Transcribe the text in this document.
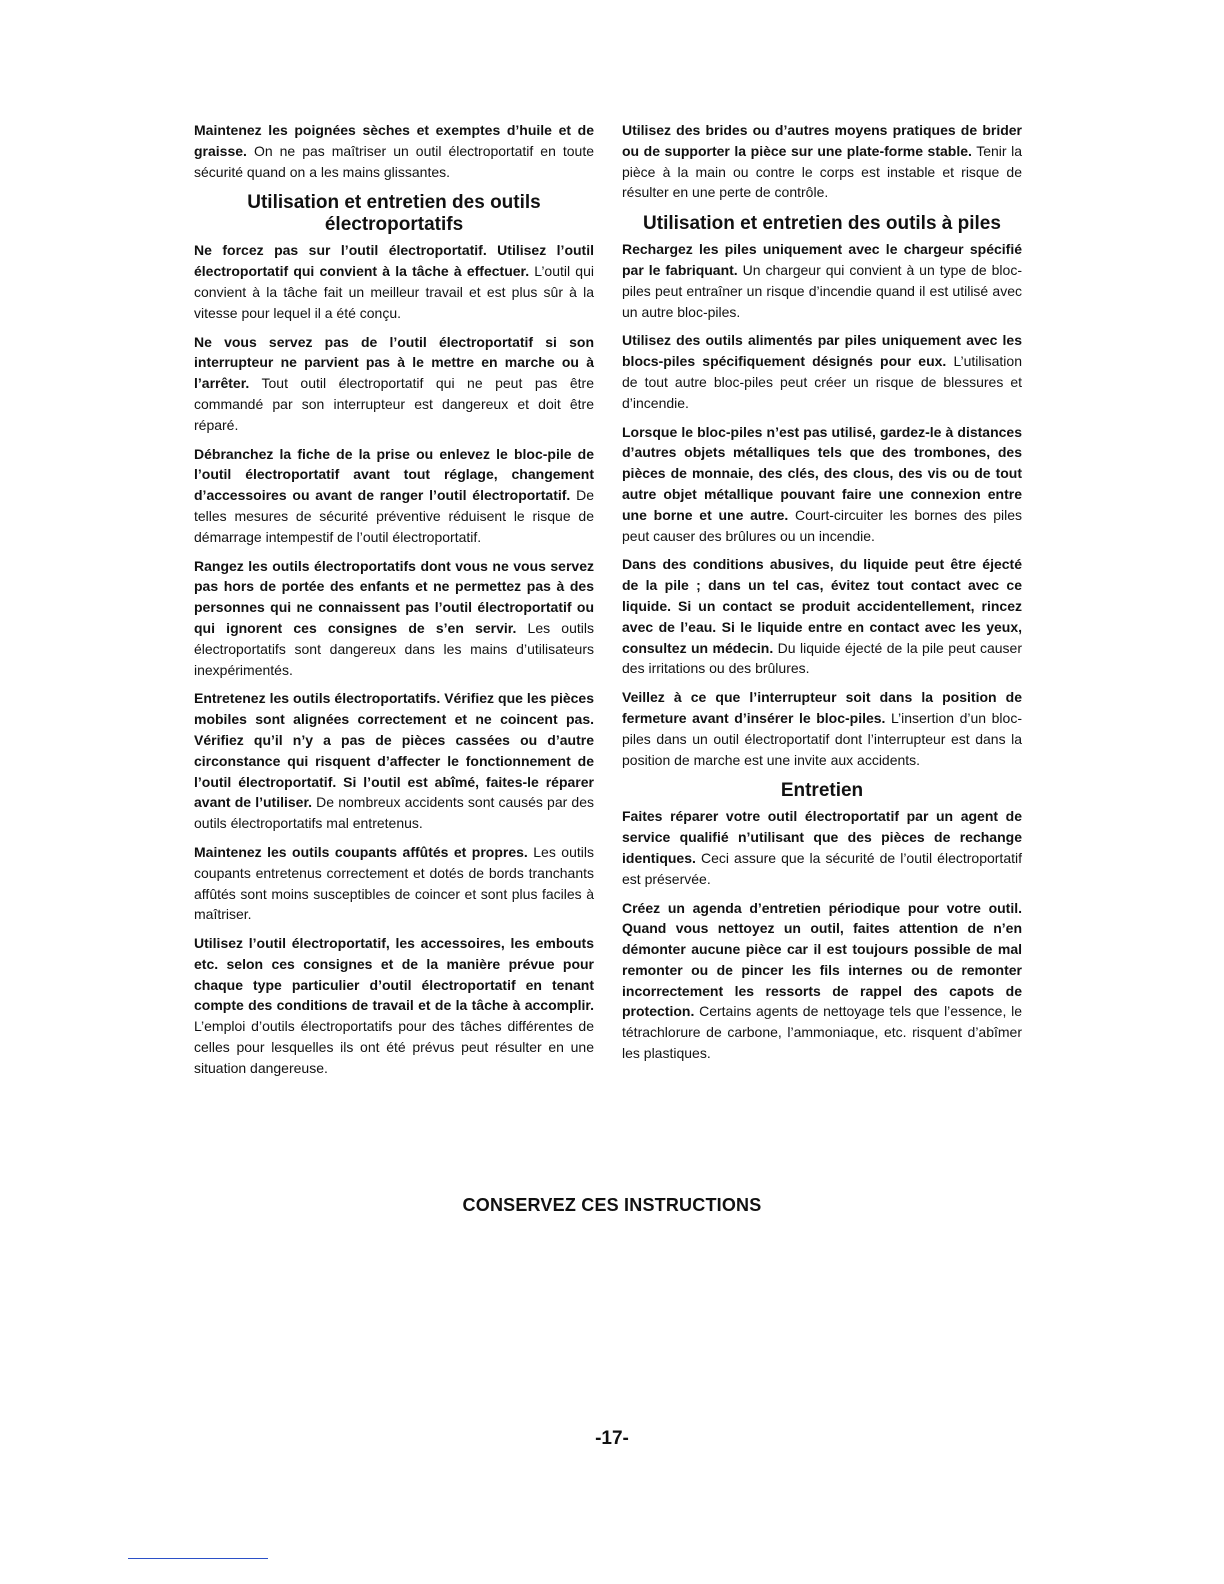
Maintenez les poignées sèches et exemptes d’huile et de graisse. On ne pas maîtriser un outil électroportatif en toute sécurité quand on a les mains glissantes.

Utilisation et entretien des outils électroportatifs

Ne forcez pas sur l’outil électroportatif. Utilisez l’outil électroportatif qui convient à la tâche à effectuer. L’outil qui convient à la tâche fait un meilleur travail et est plus sûr à la vitesse pour lequel il a été conçu.

Ne vous servez pas de l’outil électroportatif si son interrupteur ne parvient pas à le mettre en marche ou à l’arrêter. Tout outil électroportatif qui ne peut pas être commandé par son interrupteur est dangereux et doit être réparé.

Débranchez la fiche de la prise ou enlevez le bloc-pile de l’outil électroportatif avant tout réglage, changement d’accessoires ou avant de ranger l’outil électroportatif. De telles mesures de sécurité préventive réduisent le risque de démarrage intempestif de l’outil électroportatif.

Rangez les outils électroportatifs dont vous ne vous servez pas hors de portée des enfants et ne permettez pas à des personnes qui ne connaissent pas l’outil électroportatif ou qui ignorent ces consignes de s’en servir. Les outils électroportatifs sont dangereux dans les mains d’utilisateurs inexpérimentés.

Entretenez les outils électroportatifs. Vérifiez que les pièces mobiles sont alignées correctement et ne coincent pas. Vérifiez qu’il n’y a pas de pièces cassées ou d’autre circonstance qui risquent d’affecter le fonctionnement de l’outil électroportatif. Si l’outil est abîmé, faites-le réparer avant de l’utiliser. De nombreux accidents sont causés par des outils électroportatifs mal entretenus.

Maintenez les outils coupants affûtés et propres. Les outils coupants entretenus correctement et dotés de bords tranchants affûtés sont moins susceptibles de coincer et sont plus faciles à maîtriser.

Utilisez l’outil électroportatif, les accessoires, les embouts etc. selon ces consignes et de la manière prévue pour chaque type particulier d’outil électroportatif en tenant compte des conditions de travail et de la tâche à accomplir. L’emploi d’outils électroportatifs pour des tâches différentes de celles pour lesquelles ils ont été prévus peut résulter en une situation dangereuse.

Utilisez des brides ou d’autres moyens pratiques de brider ou de supporter la pièce sur une plate-forme stable. Tenir la pièce à la main ou contre le corps est instable et risque de résulter en une perte de contrôle.

Utilisation et entretien des outils à piles

Rechargez les piles uniquement avec le chargeur spécifié par le fabriquant. Un chargeur qui convient à un type de bloc-piles peut entraîner un risque d’incendie quand il est utilisé avec un autre bloc-piles.

Utilisez des outils alimentés par piles uniquement avec les blocs-piles spécifiquement désignés pour eux. L’utilisation de tout autre bloc-piles peut créer un risque de blessures et d’incendie.

Lorsque le bloc-piles n’est pas utilisé, gardez-le à distances d’autres objets métalliques tels que des trombones, des pièces de monnaie, des clés, des clous, des vis ou de tout autre objet métallique pouvant faire une connexion entre une borne et une autre. Court-circuiter les bornes des piles peut causer des brûlures ou un incendie.

Dans des conditions abusives, du liquide peut être éjecté de la pile ; dans un tel cas, évitez tout contact avec ce liquide. Si un contact se produit accidentellement, rincez avec de l’eau. Si le liquide entre en contact avec les yeux, consultez un médecin. Du liquide éjecté de la pile peut causer des irritations ou des brûlures.

Veillez à ce que l’interrupteur soit dans la position de fermeture avant d’insérer le bloc-piles. L’insertion d’un bloc-piles dans un outil électroportatif dont l’interrupteur est dans la position de marche est une invite aux accidents.

Entretien

Faites réparer votre outil électroportatif par un agent de service qualifié n’utilisant que des pièces de rechange identiques. Ceci assure que la sécurité de l’outil électroportatif est préservée.

Créez un agenda d’entretien périodique pour votre outil. Quand vous nettoyez un outil, faites attention de n’en démonter aucune pièce car il est toujours possible de mal remonter ou de pincer les fils internes ou de remonter incorrectement les ressorts de rappel des capots de protection. Certains agents de nettoyage tels que l’essence, le tétrachlorure de carbone, l’ammoniaque, etc. risquent d’abîmer les plastiques.

CONSERVEZ CES INSTRUCTIONS
-17-
